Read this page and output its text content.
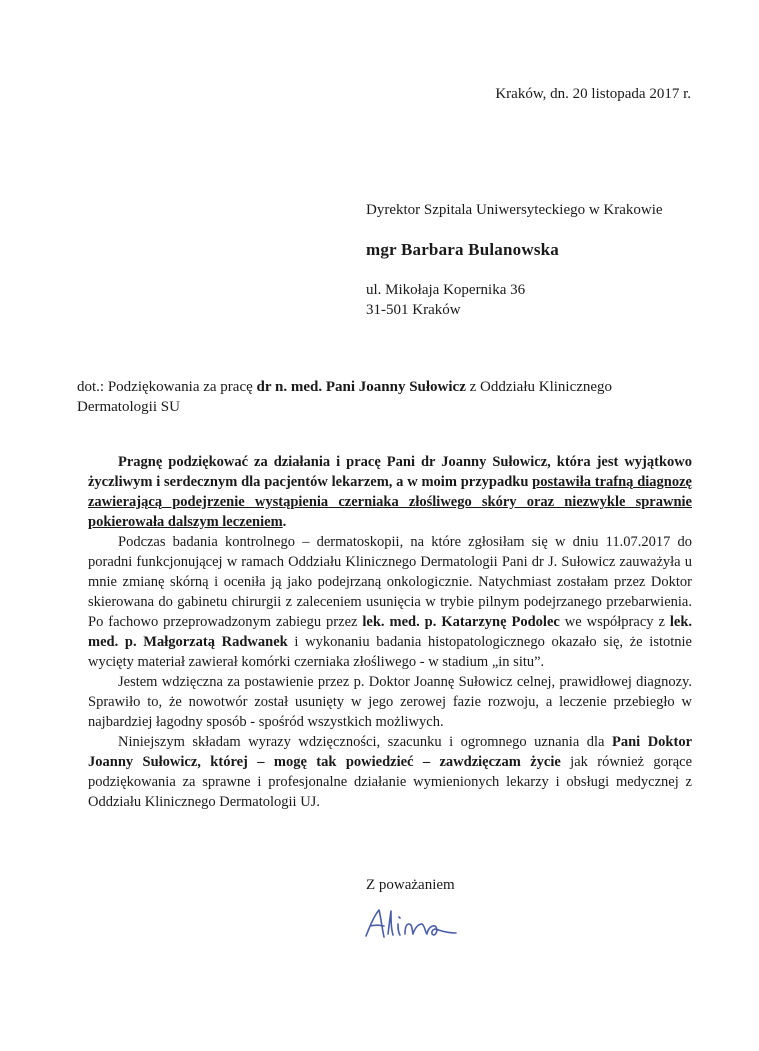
Kraków, dn. 20 listopada 2017 r.
Dyrektor Szpitala Uniwersyteckiego w Krakowie
mgr Barbara Bulanowska
ul. Mikołaja Kopernika 36
31-501 Kraków
dot.: Podziękowania za pracę dr n. med. Pani Joanny Sułowicz z Oddziału Klinicznego Dermatologii SU

Pragnę podziękować za działania i pracę Pani dr Joanny Sułowicz, która jest wyjątkowo życzliwym i serdecznym dla pacjentów lekarzem, a w moim przypadku postawiła trafną diagnozę zawierającą podejrzenie wystąpienia czerniaka złośliwego skóry oraz niezwykle sprawnie pokierowała dalszym leczeniem.

Podczas badania kontrolnego – dermatoskopii, na które zgłosiłam się w dniu 11.07.2017 do poradni funkcjonującej w ramach Oddziału Klinicznego Dermatologii Pani dr J. Sułowicz zauważyła u mnie zmianę skórną i oceniła ją jako podejrzaną onkologicznie. Natychmiast zostałam przez Doktor skierowana do gabinetu chirurgii z zaleceniem usunięcia w trybie pilnym podejrzanego przebarwienia. Po fachowo przeprowadzonym zabiegu przez lek. med. p. Katarzynę Podolec we współpracy z lek. med. p. Małgorzatą Radwanek i wykonaniu badania histopatologicznego okazało się, że istotnie wycięty materiał zawierał komórki czerniaka złośliwego - w stadium „in situ”.

Jestem wdzięczna za postawienie przez p. Doktor Joannę Sułowicz celnej, prawidłowej diagnozy. Sprawiło to, że nowotwór został usunięty w jego zerowej fazie rozwoju, a leczenie przebiegło w najbardziej łagodny sposób - spośród wszystkich możliwych.

Niniejszym składam wyrazy wdzięczności, szacunku i ogromnego uznania dla Pani Doktor Joanny Sułowicz, której – mogę tak powiedzieć – zawdzięczam życie jak również gorące podziękowania za sprawne i profesjonalne działanie wymienionych lekarzy i obsługi medycznej z Oddziału Klinicznego Dermatologii UJ.

Z poważaniem
